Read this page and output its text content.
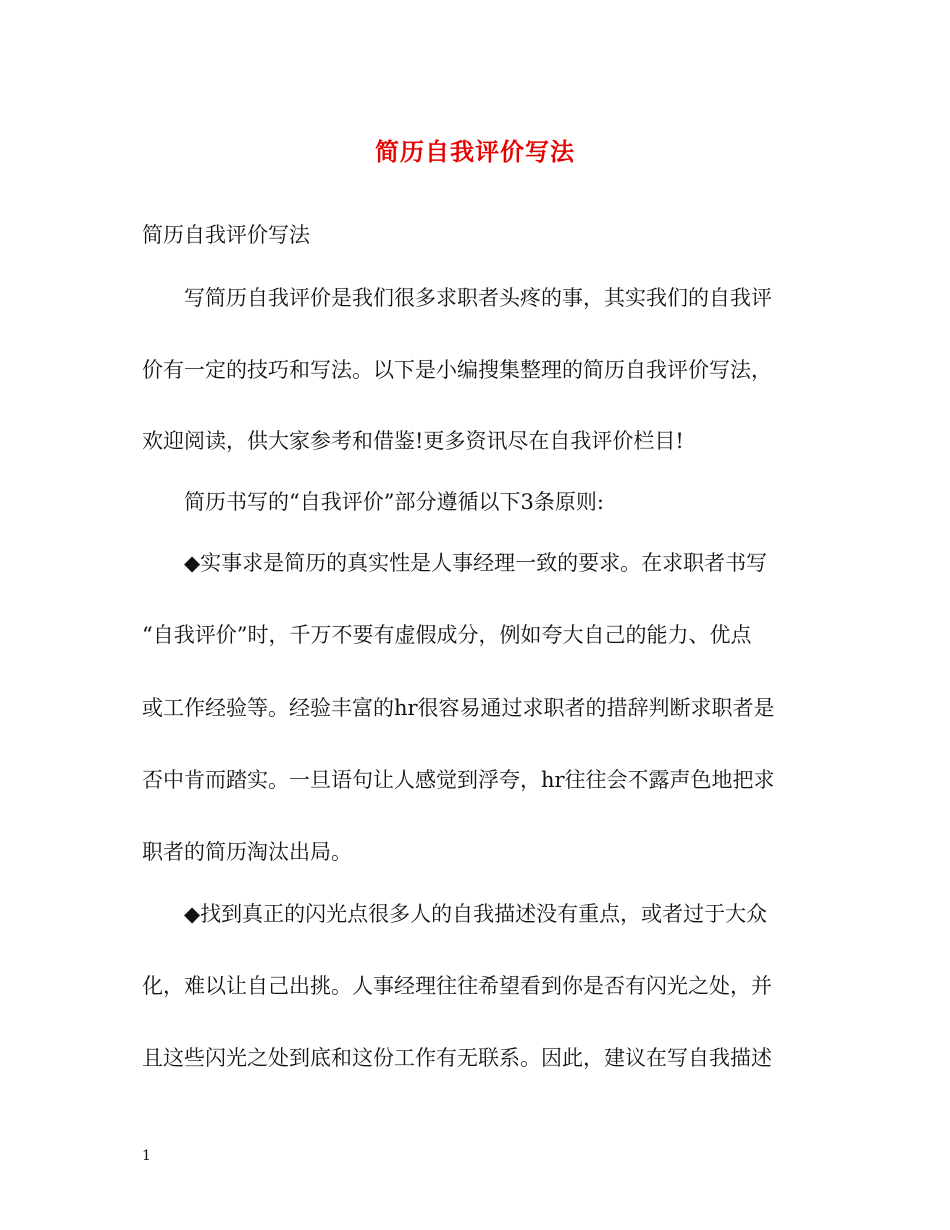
简历自我评价写法
简历自我评价写法
写简历自我评价是我们很多求职者头疼的事，其实我们的自我评
价有一定的技巧和写法。以下是小编搜集整理的简历自我评价写法，
欢迎阅读，供大家参考和借鉴!更多资讯尽在自我评价栏目!
简历书写的“自我评价”部分遵循以下3条原则:
◆实事求是简历的真实性是人事经理一致的要求。在求职者书写
“自我评价”时，千万不要有虚假成分，例如夸大自己的能力、优点
或工作经验等。经验丰富的hr很容易通过求职者的措辞判断求职者是
否中肯而踏实。一旦语句让人感觉到浮夸，hr往往会不露声色地把求
职者的简历淘汰出局。
◆找到真正的闪光点很多人的自我描述没有重点，或者过于大众
化，难以让自己出挑。人事经理往往希望看到你是否有闪光之处，并
且这些闪光之处到底和这份工作有无联系。因此，建议在写自我描述
1
